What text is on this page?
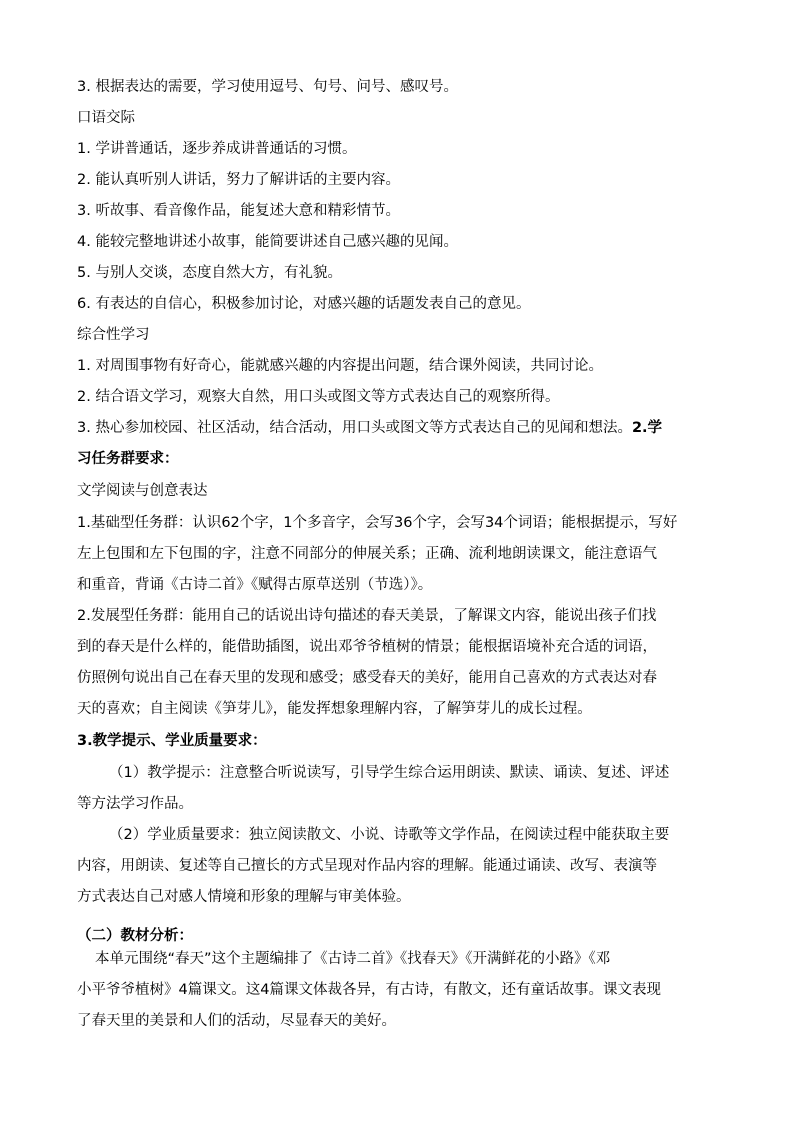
3. 根据表达的需要，学习使用逗号、句号、问号、感叹号。
口语交际
1. 学讲普通话，逐步养成讲普通话的习惯。
2. 能认真听别人讲话，努力了解讲话的主要内容。
3. 听故事、看音像作品，能复述大意和精彩情节。
4. 能较完整地讲述小故事，能简要讲述自己感兴趣的见闻。
5. 与别人交谈，态度自然大方，有礼貌。
6. 有表达的自信心，积极参加讨论，对感兴趣的话题发表自己的意见。
综合性学习
1. 对周围事物有好奇心，能就感兴趣的内容提出问题，结合课外阅读，共同讨论。
2. 结合语文学习，观察大自然，用口头或图文等方式表达自己的观察所得。
3. 热心参加校园、社区活动，结合活动，用口头或图文等方式表达自己的见闻和想法。2.学
习任务群要求：
文学阅读与创意表达
1.基础型任务群：认识62个字，1个多音字，会写36个字，会写34个词语；能根据提示，写好
左上包围和左下包围的字，注意不同部分的伸展关系；正确、流利地朗读课文，能注意语气
和重音，背诵《古诗二首》《赋得古原草送别（节选）》。
2.发展型任务群：能用自己的话说出诗句描述的春天美景，了解课文内容，能说出孩子们找
到的春天是什么样的，能借助插图，说出邓爷爷植树的情景；能根据语境补充合适的词语，
仿照例句说出自己在春天里的发现和感受；感受春天的美好，能用自己喜欢的方式表达对春
天的喜欢；自主阅读《笋芽儿》，能发挥想象理解内容，了解笋芽儿的成长过程。
3.教学提示、学业质量要求：
（1）教学提示：注意整合听说读写，引导学生综合运用朗读、默读、诵读、复述、评述
等方法学习作品。
（2）学业质量要求：独立阅读散文、小说、诗歌等文学作品，在阅读过程中能获取主要
内容，用朗读、复述等自己擅长的方式呈现对作品内容的理解。能通过诵读、改写、表演等
方式表达自己对感人情境和形象的理解与审美体验。
（二）教材分析：
本单元围绕“春天”这个主题编排了《古诗二首》《找春天》《开满鲜花的小路》《邓
小平爷爷植树》4篇课文。这4篇课文体裁各异，有古诗，有散文，还有童话故事。课文表现
了春天里的美景和人们的活动，尽显春天的美好。
